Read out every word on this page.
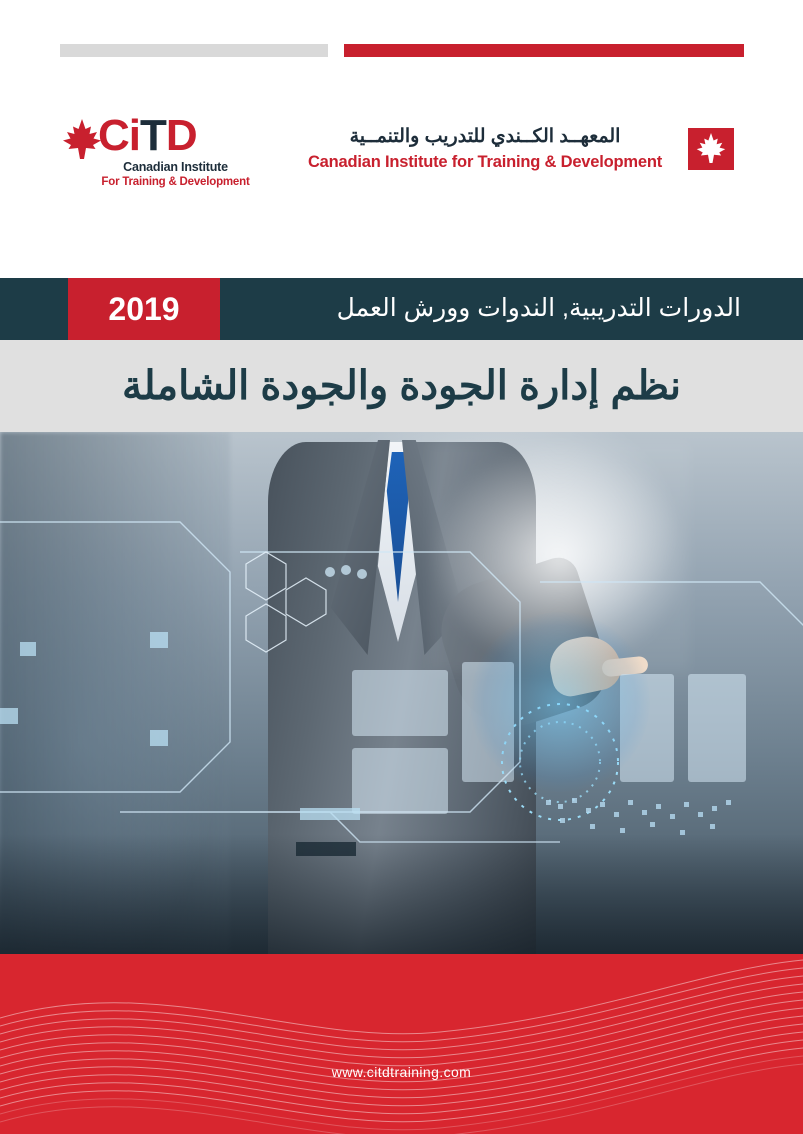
CiTD
Canadian Institute
For Training & Development
المعهــد الكــندي للتدريب والتنمــية
Canadian Institute for Training & Development
2019	الدورات التدريبية, الندوات وورش العمل
نظم إدارة الجودة والجودة الشاملة
www.citdtraining.com
